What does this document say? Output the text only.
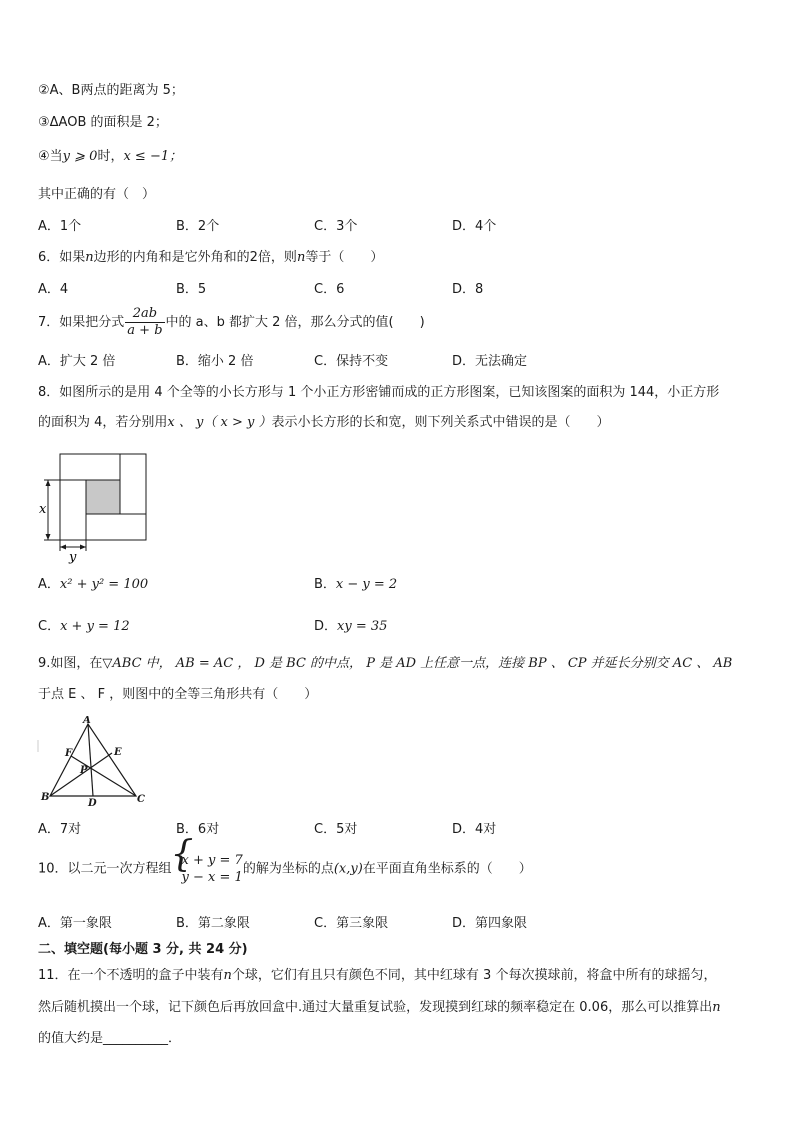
②A、B两点的距离为 5；
③ΔAOB 的面积是 2；
④当y ⩾ 0时，x ≤ −1；
其中正确的有（　）
A．1个	B．2个	C．3个	D．4个
6．如果n边形的内角和是它外角和的2倍，则n等于（　　）
A．4	B．5	C．6	D．8
7．如果把分式 $\frac{2ab}{a + b}$ 中的 a、b 都扩大 2 倍，那么分式的值(　　)
A．扩大 2 倍	B．缩小 2 倍	C．保持不变	D．无法确定
8．如图所示的是用 4 个全等的小长方形与 1 个小正方形密铺而成的正方形图案，已知该图案的面积为 144，小正方形
的面积为 4，若分别用x 、 y（ x > y ）表示小长方形的长和宽，则下列关系式中错误的是（　　）
x
y
A．x² + y² = 100	B．x − y = 2
C．x + y = 12	D．xy = 35
9.如图，在▽ABC 中， AB = AC ， D 是 BC 的中点， P 是 AD 上任意一点，连接 BP 、 CP 并延长分别交 AC 、 AB
于点 E 、 F ，则图中的全等三角形共有（　　）
A
B	C
D
E
F
P
A．7对	B．6对	C．5对	D．4对
10．以二元一次方程组
{ x + y = 7
y − x = 1
的解为坐标的点(x,y)在平面直角坐标系的（　　）
A．第一象限	B．第二象限	C．第三象限	D．第四象限
二、填空题(每小题 3 分, 共 24 分)
11．在一个不透明的盒子中装有n个球，它们有且只有颜色不同，其中红球有 3 个每次摸球前，将盒中所有的球摇匀，
然后随机摸出一个球，记下颜色后再放回盒中.通过大量重复试验，发现摸到红球的频率稳定在 0.06，那么可以推算出n
的值大约是__________．
